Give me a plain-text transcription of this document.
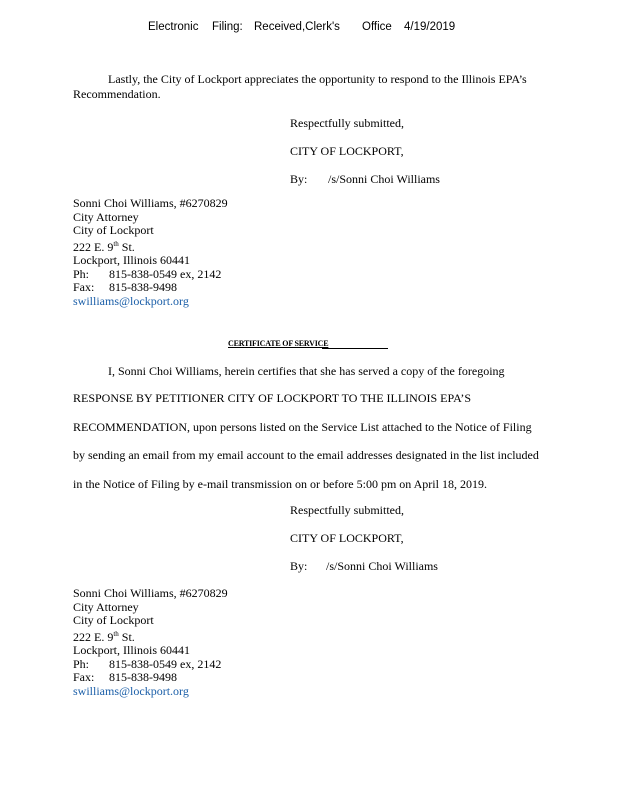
Electronic Filing: Received,Clerk's Office 4/19/2019
Lastly, the City of Lockport appreciates the opportunity to respond to the Illinois EPA’s
Recommendation.
Respectfully submitted,
CITY OF LOCKPORT,
By: /s/Sonni Choi Williams
Sonni Choi Williams, #6270829
City Attorney
City of Lockport
222 E. 9th St.
Lockport, Illinois 60441
Ph: 815-838-0549 ex, 2142
Fax: 815-838-9498
swilliams@lockport.org
CERTIFICATE OF SERVICE
I, Sonni Choi Williams, herein certifies that she has served a copy of the foregoing
RESPONSE BY PETITIONER CITY OF LOCKPORT TO THE ILLINOIS EPA’S
RECOMMENDATION, upon persons listed on the Service List attached to the Notice of Filing
by sending an email from my email account to the email addresses designated in the list included
in the Notice of Filing by e-mail transmission on or before 5:00 pm on April 18, 2019.
Respectfully submitted,
CITY OF LOCKPORT,
By: /s/Sonni Choi Williams
Sonni Choi Williams, #6270829
City Attorney
City of Lockport
222 E. 9th St.
Lockport, Illinois 60441
Ph: 815-838-0549 ex, 2142
Fax: 815-838-9498
swilliams@lockport.org
